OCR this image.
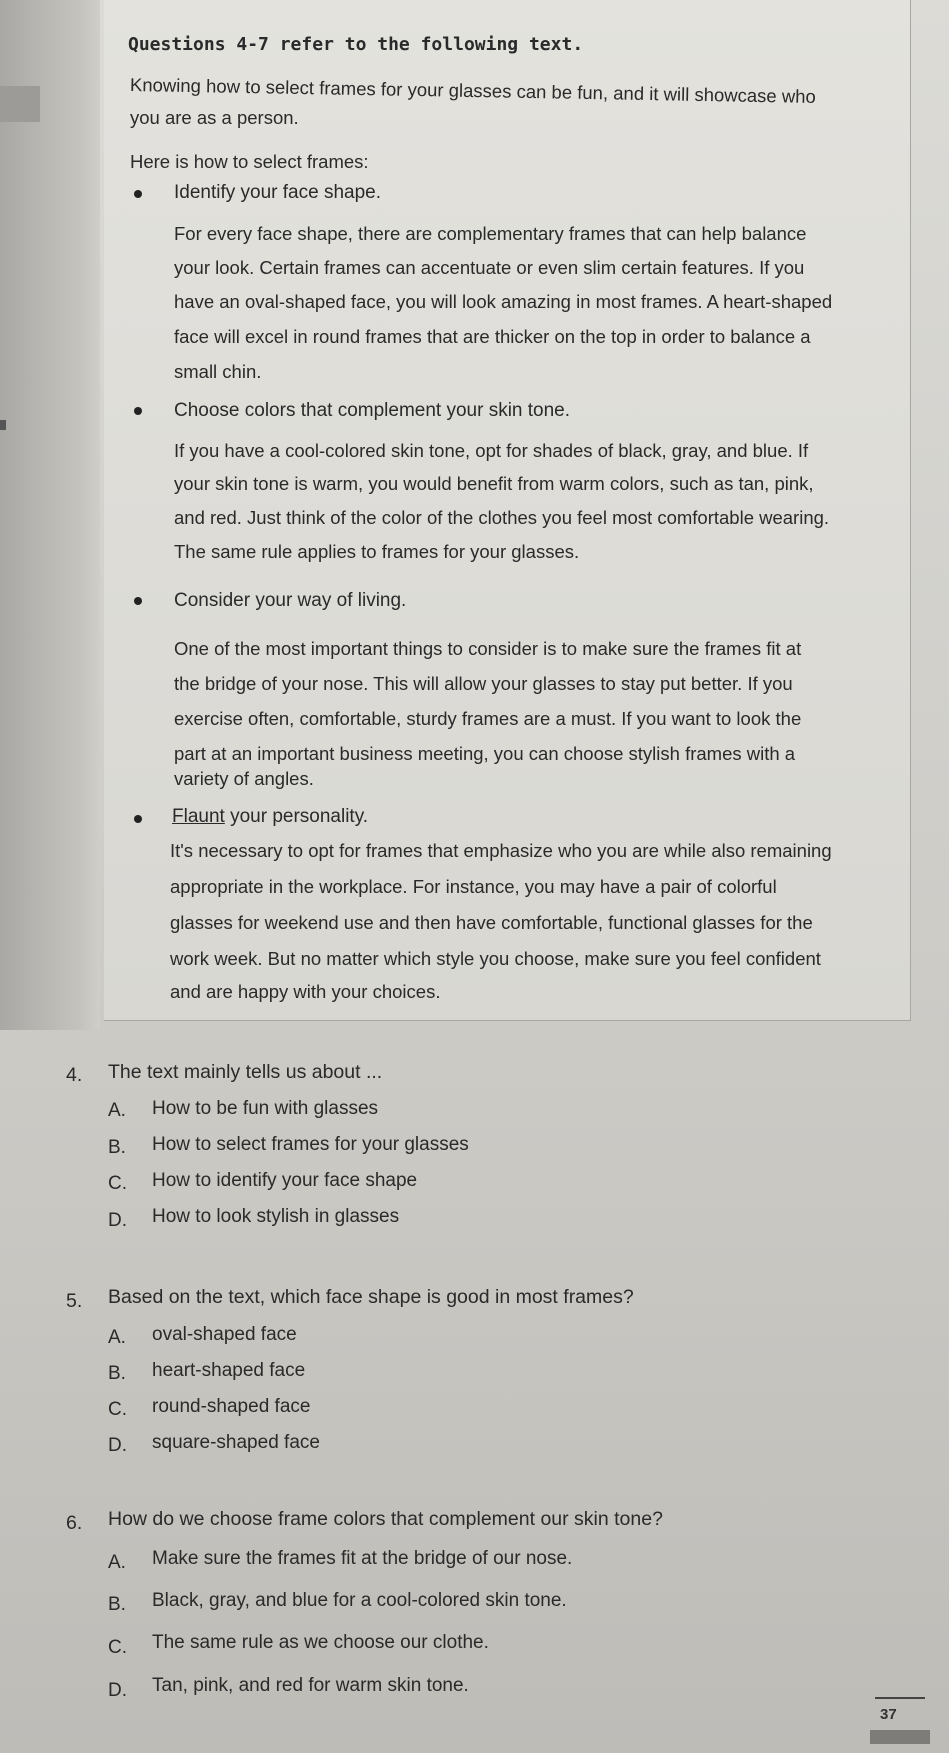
Questions 4-7 refer to the following text.
Knowing how to select frames for your glasses can be fun, and it will showcase who
you are as a person.
Here is how to select frames:
Identify your face shape.
For every face shape, there are complementary frames that can help balance
your look. Certain frames can accentuate or even slim certain features. If you
have an oval-shaped face, you will look amazing in most frames. A heart-shaped
face will excel in round frames that are thicker on the top in order to balance a
small chin.
Choose colors that complement your skin tone.
If you have a cool-colored skin tone, opt for shades of black, gray, and blue. If
your skin tone is warm, you would benefit from warm colors, such as tan, pink,
and red. Just think of the color of the clothes you feel most comfortable wearing.
The same rule applies to frames for your glasses.
Consider your way of living.
One of the most important things to consider is to make sure the frames fit at
the bridge of your nose. This will allow your glasses to stay put better. If you
exercise often, comfortable, sturdy frames are a must. If you want to look the
part at an important business meeting, you can choose stylish frames with a
variety of angles.
Flaunt your personality.
It's necessary to opt for frames that emphasize who you are while also remaining
appropriate in the workplace. For instance, you may have a pair of colorful
glasses for weekend use and then have comfortable, functional glasses for the
work week. But no matter which style you choose, make sure you feel confident
and are happy with your choices.
4. The text mainly tells us about ...
A. How to be fun with glasses
B. How to select frames for your glasses
C. How to identify your face shape
D. How to look stylish in glasses
5. Based on the text, which face shape is good in most frames?
A. oval-shaped face
B. heart-shaped face
C. round-shaped face
D. square-shaped face
6. How do we choose frame colors that complement our skin tone?
A. Make sure the frames fit at the bridge of our nose.
B. Black, gray, and blue for a cool-colored skin tone.
C. The same rule as we choose our clothe.
D. Tan, pink, and red for warm skin tone.
37
